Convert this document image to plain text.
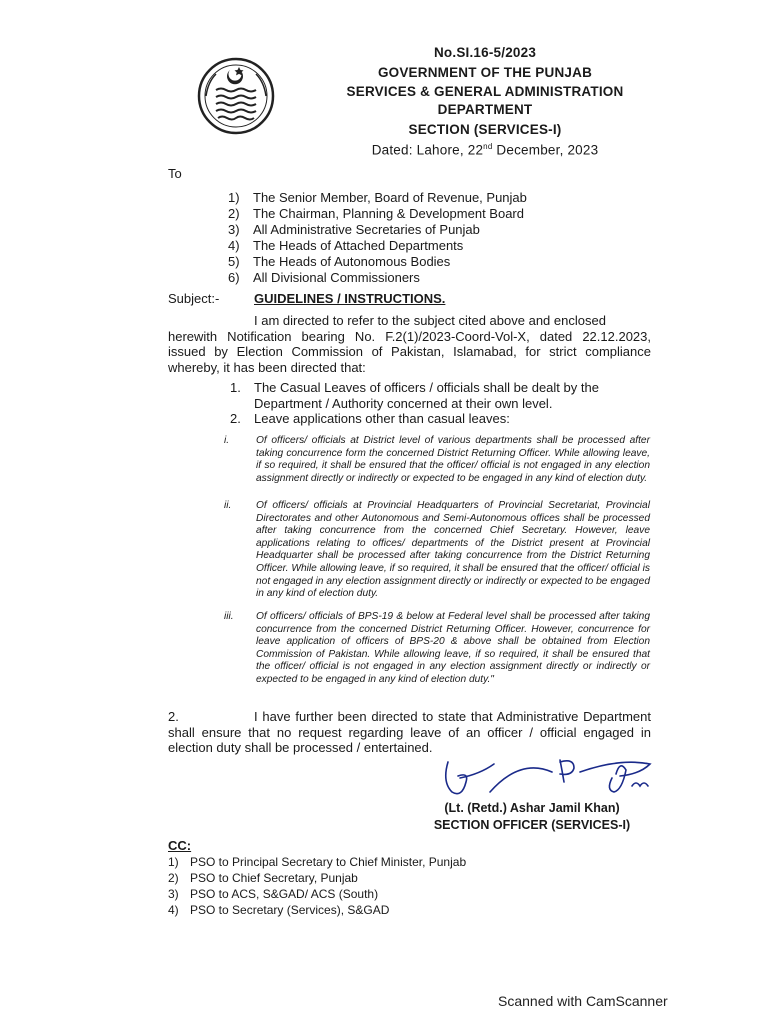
No.SI.16-5/2023
GOVERNMENT OF THE PUNJAB
SERVICES & GENERAL ADMINISTRATION
DEPARTMENT
SECTION (SERVICES-I)
Dated: Lahore, 22nd December, 2023
To
1)	The Senior Member, Board of Revenue, Punjab
2)	The Chairman, Planning & Development Board
3)	All Administrative Secretaries of Punjab
4)	The Heads of Attached Departments
5)	The Heads of Autonomous Bodies
6)	All Divisional Commissioners
Subject:-	GUIDELINES / INSTRUCTIONS.
I am directed to refer to the subject cited above and enclosed
herewith Notification bearing No. F.2(1)/2023-Coord-Vol-X, dated 22.12.2023, issued by Election Commission of Pakistan, Islamabad, for strict compliance whereby, it has been directed that:
1.	The Casual Leaves of officers / officials shall be dealt by the Department / Authority concerned at their own level.
2.	Leave applications other than casual leaves:
i.	Of officers/ officials at District level of various departments shall be processed after taking concurrence form the concerned District Returning Officer. While allowing leave, if so required, it shall be ensured that the officer/ official is not engaged in any election assignment directly or indirectly or expected to be engaged in any kind of election duty.
ii. Of officers/ officials at Provincial Headquarters of Provincial Secretariat, Provincial Directorates and other Autonomous and Semi-Autonomous offices shall be processed after taking concurrence from the concerned Chief Secretary. However, leave applications relating to offices/ departments of the District present at Provincial Headquarter shall be processed after taking concurrence from the District Returning Officer. While allowing leave, if so required, it shall be ensured that the officer/ official is not engaged in any election assignment directly or indirectly or expected to be engaged in any kind of election duty.
iii. Of officers/ officials of BPS-19 & below at Federal level shall be processed after taking concurrence from the concerned District Returning Officer. However, concurrence for leave application of officers of BPS-20 & above shall be obtained from Election Commission of Pakistan. While allowing leave, if so required, it shall be ensured that the officer/ official is not engaged in any election assignment directly or indirectly or expected to be engaged in any kind of election duty."
2.	I have further been directed to state that Administrative Department shall ensure that no request regarding leave of an officer / official engaged in election duty shall be processed / entertained.
(Lt. (Retd.) Ashar Jamil Khan)
SECTION OFFICER (SERVICES-I)
CC:
1) PSO to Principal Secretary to Chief Minister, Punjab
2) PSO to Chief Secretary, Punjab
3) PSO to ACS, S&GAD/ ACS (South)
4) PSO to Secretary (Services), S&GAD
Scanned with CamScanner
